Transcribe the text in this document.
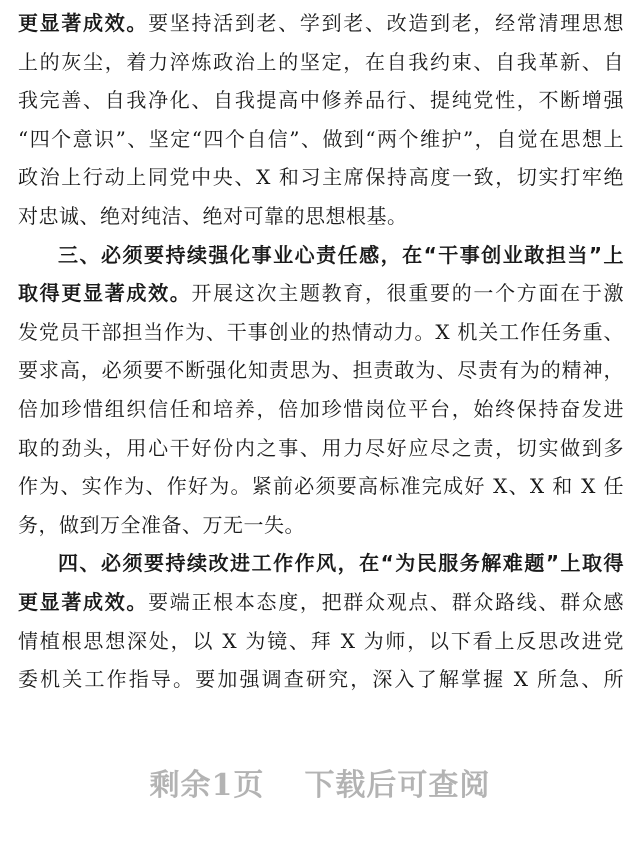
更显著成效。要坚持活到老、学到老、改造到老，经常清理思想
上的灰尘，着力淬炼政治上的坚定，在自我约束、自我革新、自
我完善、自我净化、自我提高中修养品行、提纯党性，不断增强
“四个意识”、坚定“四个自信”、做到“两个维护”，自觉在思想上
政治上行动上同党中央、X 和习主席保持高度一致，切实打牢绝
对忠诚、绝对纯洁、绝对可靠的思想根基。
三、必须要持续强化事业心责任感，在“干事创业敢担当”上
取得更显著成效。开展这次主题教育，很重要的一个方面在于激
发党员干部担当作为、干事创业的热情动力。X 机关工作任务重、
要求高，必须要不断强化知责思为、担责敢为、尽责有为的精神，
倍加珍惜组织信任和培养，倍加珍惜岗位平台，始终保持奋发进
取的劲头，用心干好份内之事、用力尽好应尽之责，切实做到多
作为、实作为、作好为。紧前必须要高标准完成好 X、X 和 X 任
务，做到万全准备、万无一失。
四、必须要持续改进工作作风，在“为民服务解难题”上取得
更显著成效。要端正根本态度，把群众观点、群众路线、群众感
情植根思想深处，以 X 为镜、拜 X 为师，以下看上反思改进党
委机关工作指导。要加强调查研究，深入了解掌握 X 所急、所
剩余1页 下载后可查阅
